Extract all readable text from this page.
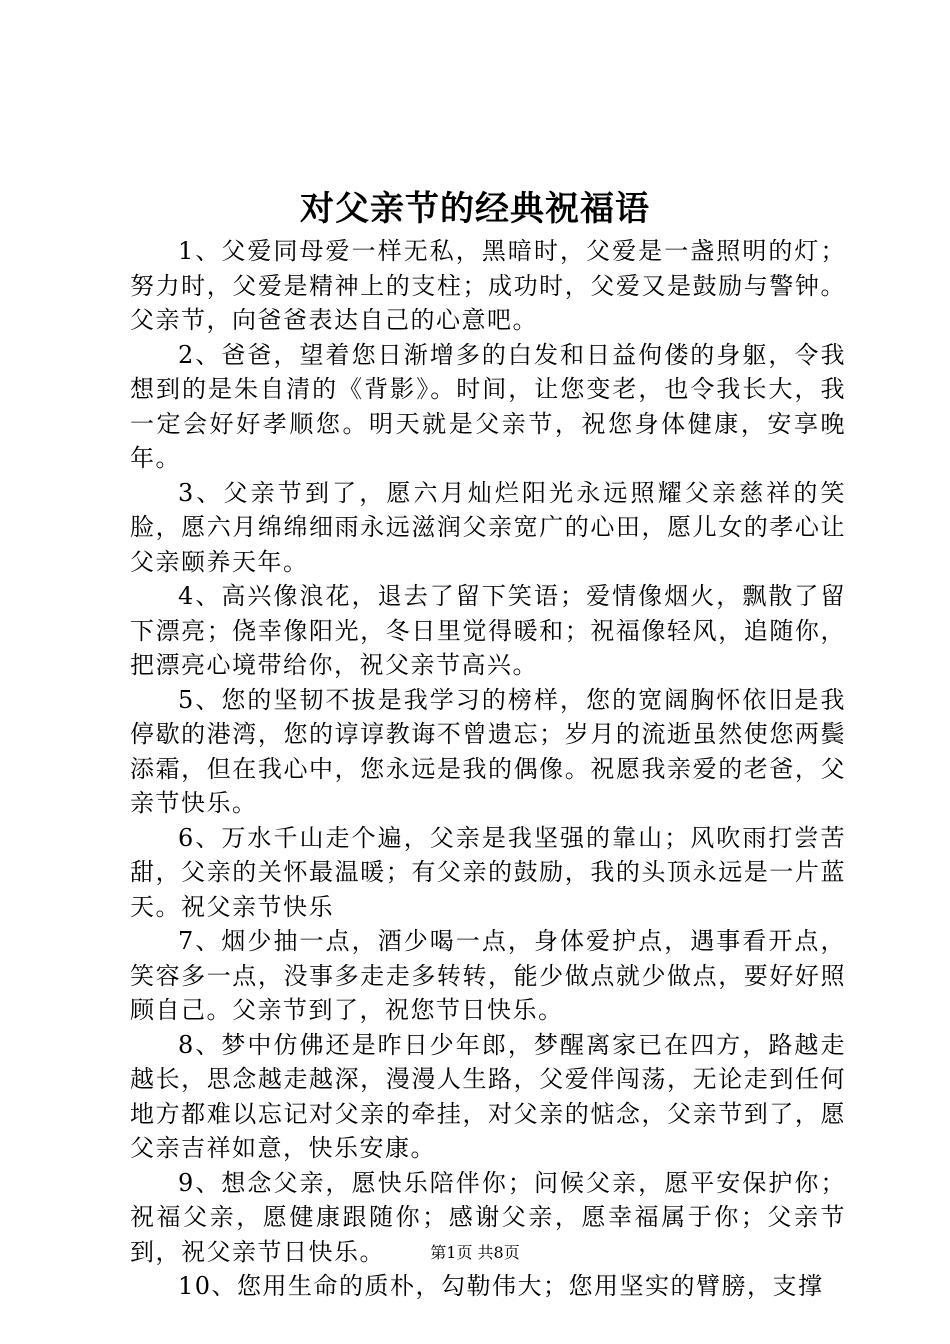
对父亲节的经典祝福语

1、父爱同母爱一样无私，黑暗时，父爱是一盏照明的灯；努力时，父爱是精神上的支柱；成功时，父爱又是鼓励与警钟。父亲节，向爸爸表达自己的心意吧。

2、爸爸，望着您日渐增多的白发和日益佝偻的身躯，令我想到的是朱自清的《背影》。时间，让您变老，也令我长大，我一定会好好孝顺您。明天就是父亲节，祝您身体健康，安享晚年。

3、父亲节到了，愿六月灿烂阳光永远照耀父亲慈祥的笑脸，愿六月绵绵细雨永远滋润父亲宽广的心田，愿儿女的孝心让父亲颐养天年。

4、高兴像浪花，退去了留下笑语；爱情像烟火，飘散了留下漂亮；侥幸像阳光，冬日里觉得暖和；祝福像轻风，追随你，把漂亮心境带给你，祝父亲节高兴。

5、您的坚韧不拔是我学习的榜样，您的宽阔胸怀依旧是我停歇的港湾，您的谆谆教诲不曾遗忘；岁月的流逝虽然使您两鬓添霜，但在我心中，您永远是我的偶像。祝愿我亲爱的老爸，父亲节快乐。

6、万水千山走个遍，父亲是我坚强的靠山；风吹雨打尝苦甜，父亲的关怀最温暖；有父亲的鼓励，我的头顶永远是一片蓝天。祝父亲节快乐

7、烟少抽一点，酒少喝一点，身体爱护点，遇事看开点，笑容多一点，没事多走走多转转，能少做点就少做点，要好好照顾自己。父亲节到了，祝您节日快乐。

8、梦中仿佛还是昨日少年郎，梦醒离家已在四方，路越走越长，思念越走越深，漫漫人生路，父爱伴闯荡，无论走到任何地方都难以忘记对父亲的牵挂，对父亲的惦念，父亲节到了，愿父亲吉祥如意，快乐安康。

9、想念父亲，愿快乐陪伴你；问候父亲，愿平安保护你；祝福父亲，愿健康跟随你；感谢父亲，愿幸福属于你；父亲节到，祝父亲节日快乐。

10、您用生命的质朴，勾勒伟大；您用坚实的臂膀，支撑

第1页 共8页
